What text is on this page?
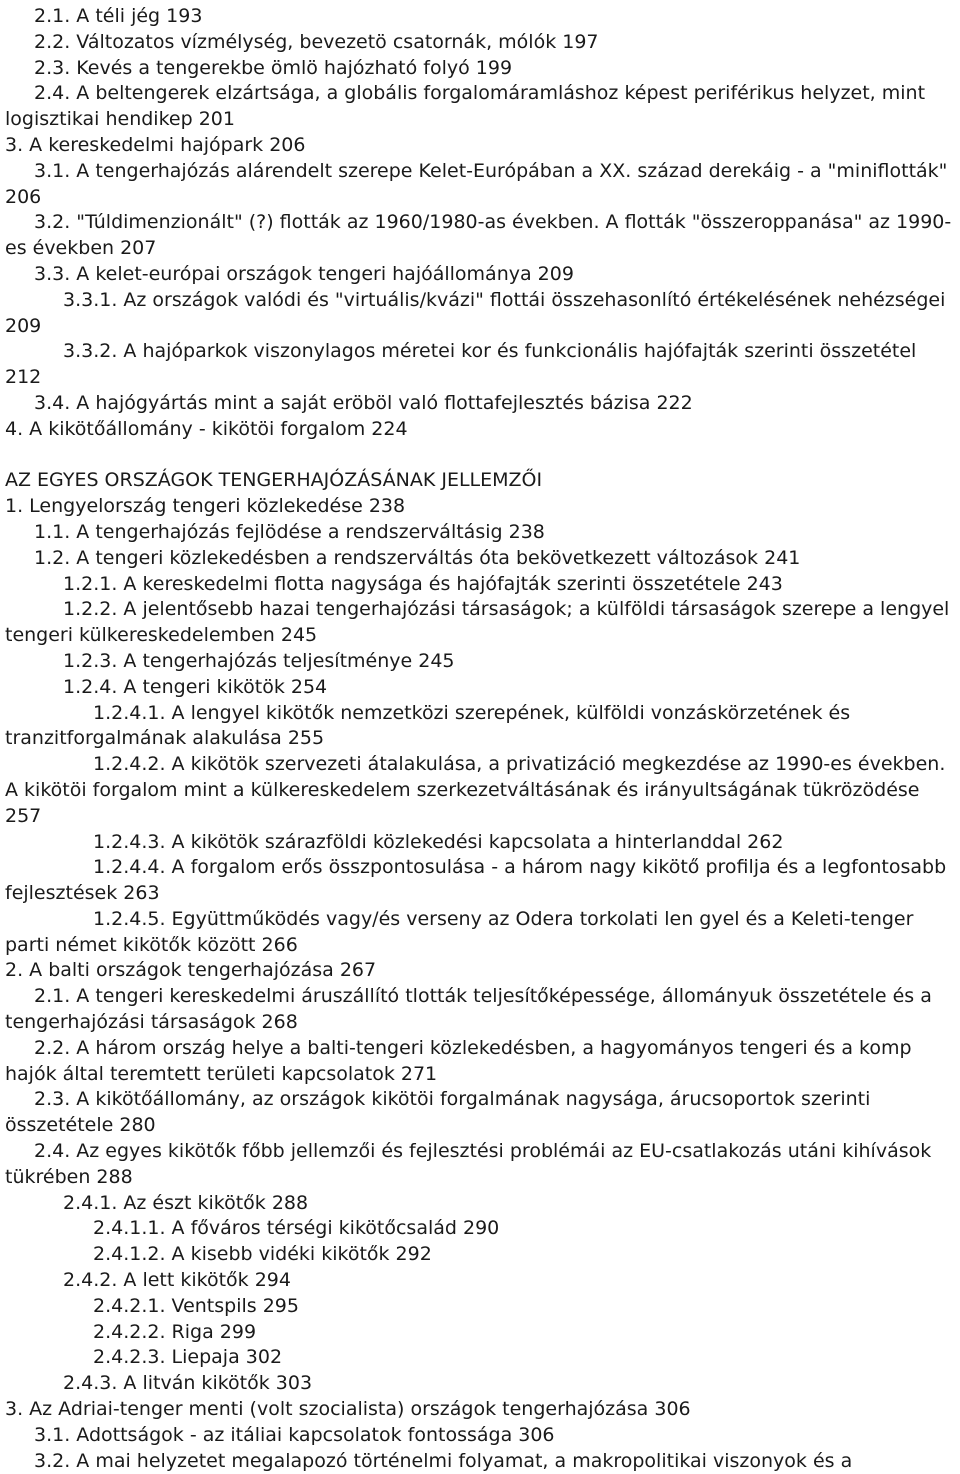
2.1. A téli jég 193

2.2. Változatos vízmélység, bevezetö csatornák, mólók 197

2.3. Kevés a tengerekbe ömlö hajózható folyó 199

2.4. A beltengerek elzártsága, a globális forgalomáramláshoz képest periférikus helyzet, mint logisztikai hendikep 201

3. A kereskedelmi hajópark 206

3.1. A tengerhajózás alárendelt szerepe Kelet-Európában a XX. század derekáig - a "miniflották" 206

3.2. "Túldimenzionált" (?) flották az 1960/1980-as években. A flották "összeroppanása" az 1990-es években 207

3.3. A kelet-európai országok tengeri hajóállománya 209

3.3.1. Az országok valódi és "virtuális/kvázi" flottái összehasonlító értékelésének nehézségei 209

3.3.2. A hajóparkok viszonylagos méretei kor és funkcionális hajófajták szerinti összetétel 212

3.4. A hajógyártás mint a saját eröböl való flottafejlesztés bázisa 222

4. A kikötőállomány - kikötöi forgalom 224

AZ EGYES ORSZÁGOK TENGERHAJÓZÁSÁNAK JELLEMZŐI

1. Lengyelország tengeri közlekedése 238

1.1. A tengerhajózás fejlödése a rendszerváltásig 238

1.2. A tengeri közlekedésben a rendszerváltás óta bekövetkezett változások 241

1.2.1. A kereskedelmi flotta nagysága és hajófajták szerinti összetétele 243

1.2.2. A jelentősebb hazai tengerhajózási társaságok; a külföldi társaságok szerepe a lengyel tengeri külkereskedelemben 245

1.2.3. A tengerhajózás teljesítménye 245

1.2.4. A tengeri kikötök 254

1.2.4.1. A lengyel kikötők nemzetközi szerepének, külföldi vonzáskörzetének és tranzitforgalmának alakulása 255

1.2.4.2. A kikötök szervezeti átalakulása, a privatizáció megkezdése az 1990-es években. A kikötöi forgalom mint a külkereskedelem szerkezetváltásának és irányultságának tükrözödése 257

1.2.4.3. A kikötök szárazföldi közlekedési kapcsolata a hinterlanddal 262

1.2.4.4. A forgalom erős összpontosulása - a három nagy kikötő profilja és a legfontosabb fejlesztések 263

1.2.4.5. Együttműködés vagy/és verseny az Odera torkolati len gyel és a Keleti-tenger parti német kikötők között 266

2. A balti országok tengerhajózása 267

2.1. A tengeri kereskedelmi áruszállító tlották teljesítőképessége, állományuk összetétele és a tengerhajózási társaságok 268

2.2. A három ország helye a balti-tengeri közlekedésben, a hagyományos tengeri és a komp hajók által teremtett területi kapcsolatok 271

2.3. A kikötőállomány, az országok kikötöi forgalmának nagysága, árucsoportok szerinti összetétele 280

2.4. Az egyes kikötők főbb jellemzői és fejlesztési problémái az EU-csatlakozás utáni kihívások tükrében 288

2.4.1. Az észt kikötők 288

2.4.1.1. A főváros térségi kikötőcsalád 290

2.4.1.2. A kisebb vidéki kikötők 292

2.4.2. A lett kikötők 294

2.4.2.1. Ventspils 295

2.4.2.2. Riga 299

2.4.2.3. Liepaja 302

2.4.3. A litván kikötők 303

3. Az Adriai-tenger menti (volt szocialista) országok tengerhajózása 306

3.1. Adottságok - az itáliai kapcsolatok fontossága 306

3.2. A mai helyzetet megalapozó történelmi folyamat, a makropolitikai viszonyok és a
